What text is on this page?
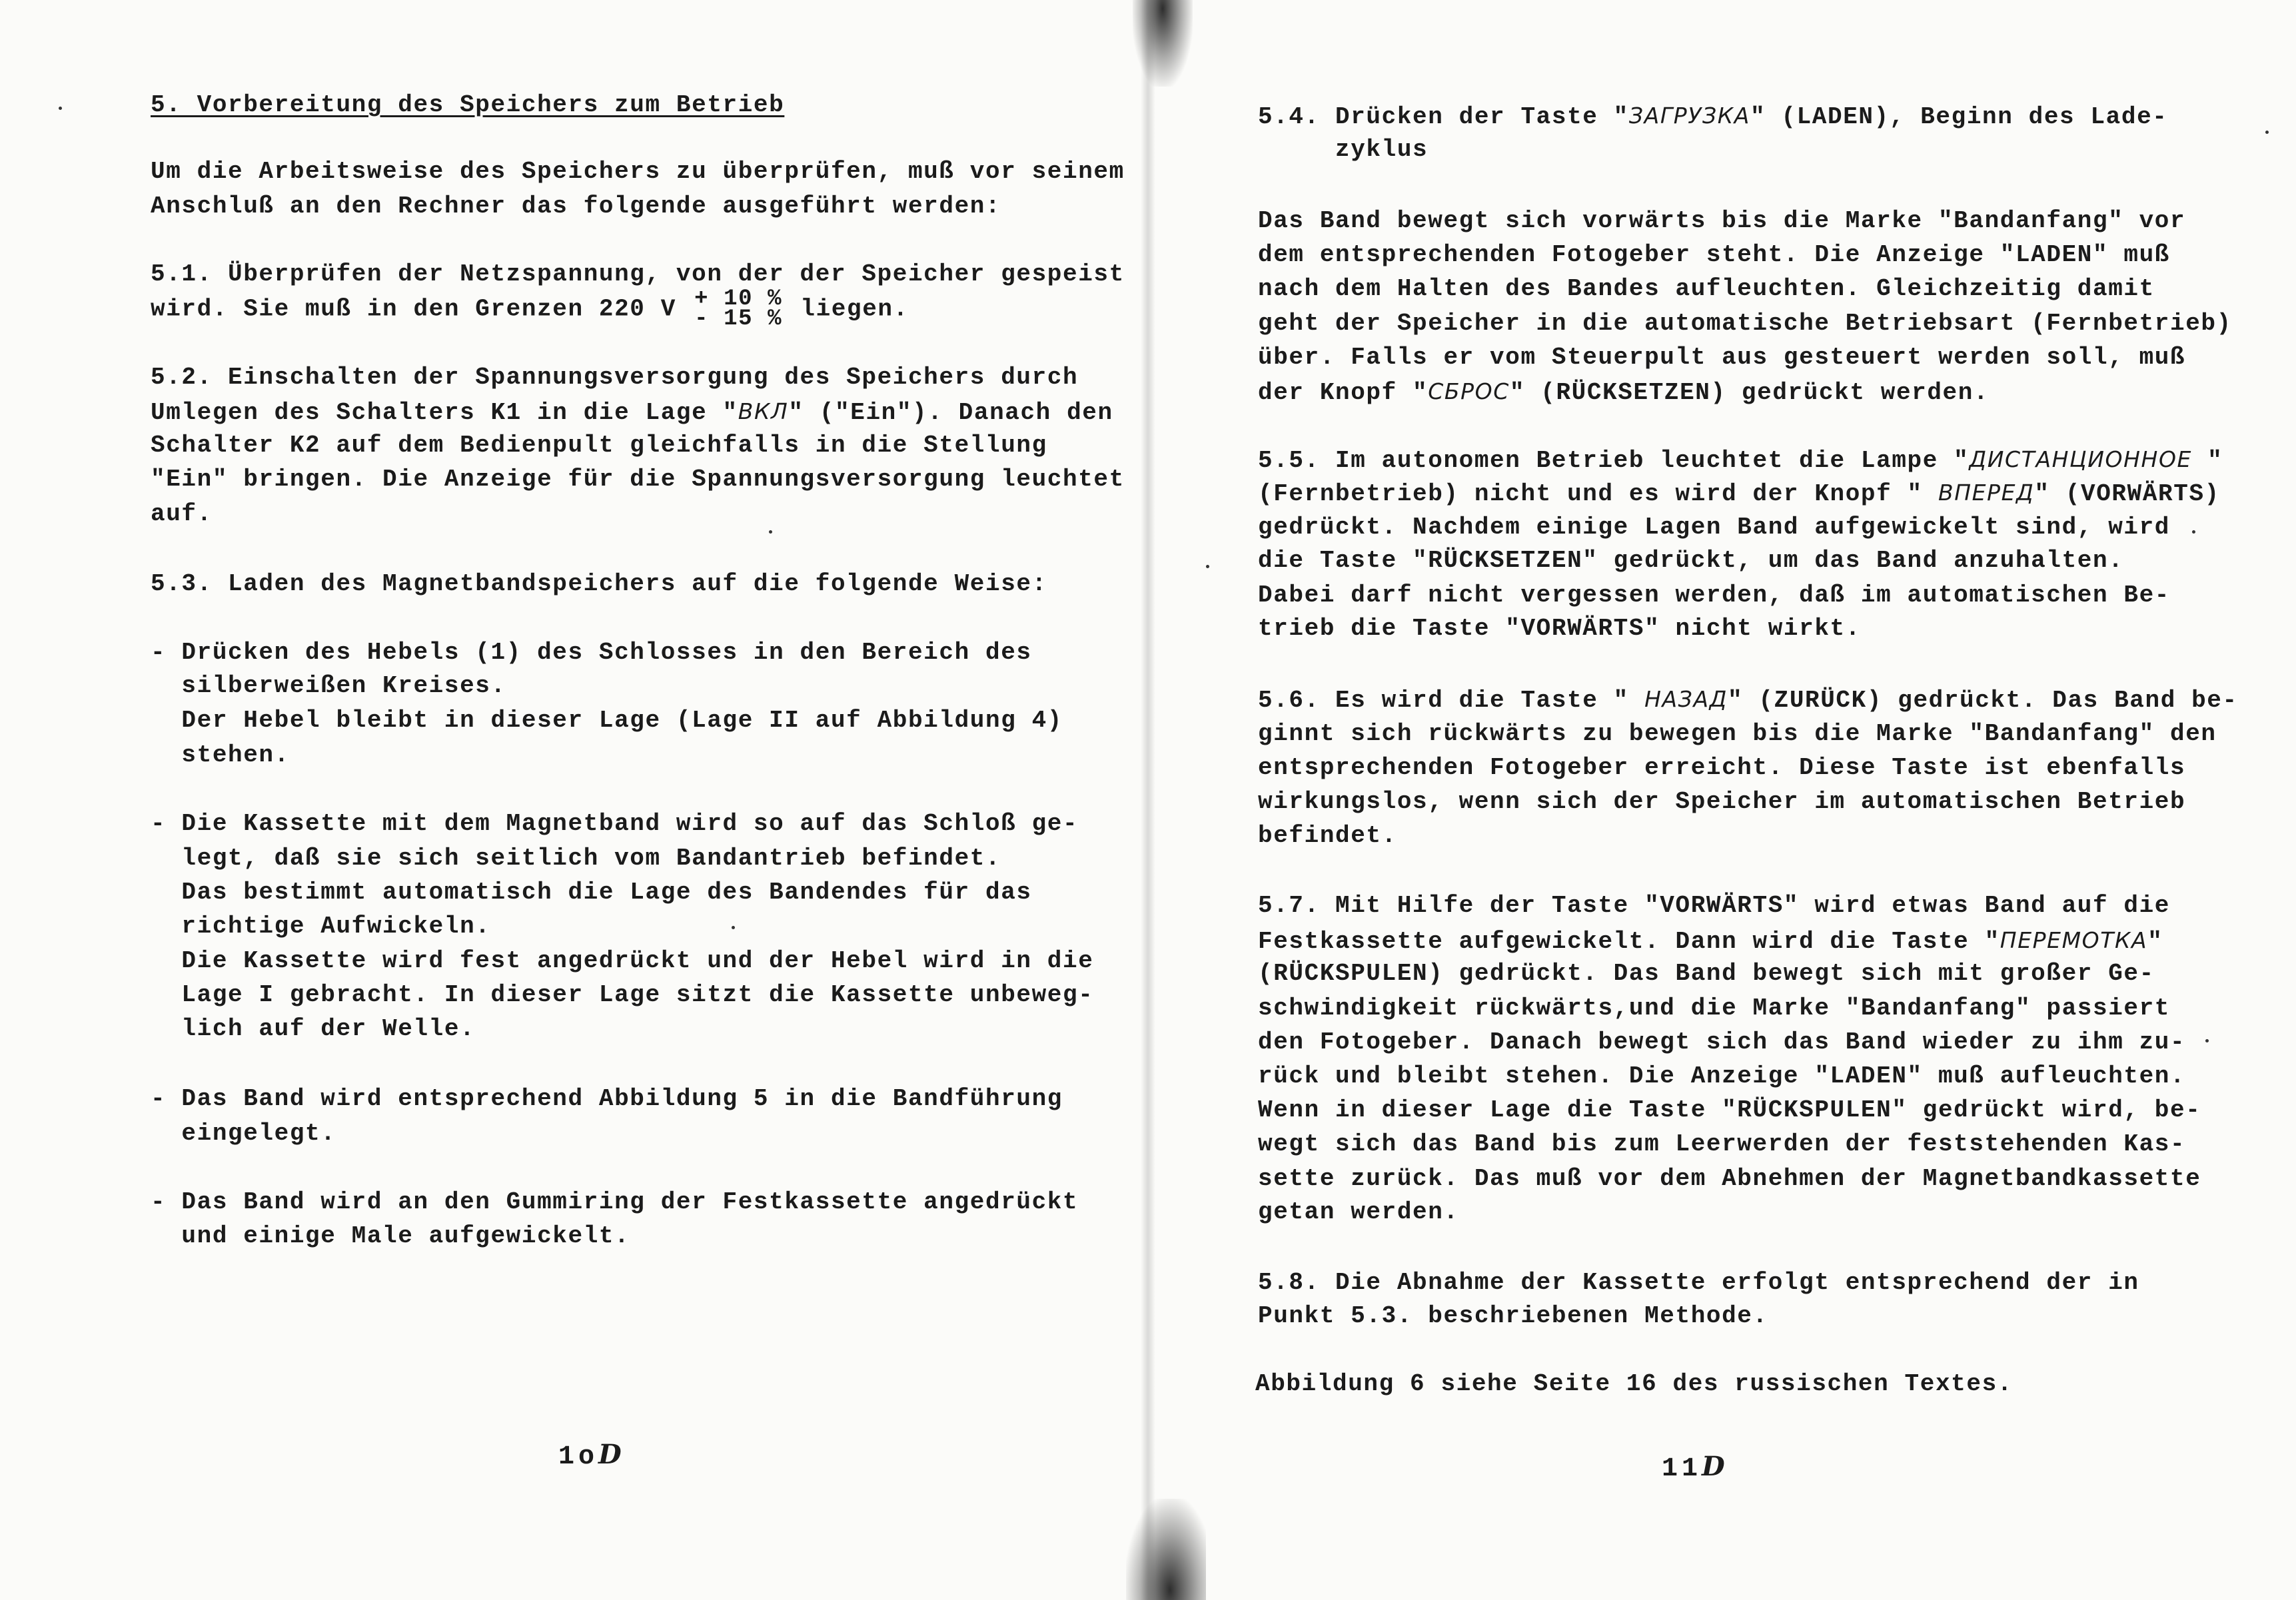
5. Vorbereitung des Speichers zum Betrieb
Um die Arbeitsweise des Speichers zu überprüfen, muß vor seinem
Anschluß an den Rechner das folgende ausgeführt werden:
5.1. Überprüfen der Netzspannung, von der der Speicher gespeist
wird. Sie muß in den Grenzen 220 V + 10 %
- 15 % liegen.
5.2. Einschalten der Spannungsversorgung des Speichers durch
Umlegen des Schalters K1 in die Lage "ВКЛ" ("Ein"). Danach den
Schalter K2 auf dem Bedienpult gleichfalls in die Stellung
"Ein" bringen. Die Anzeige für die Spannungsversorgung leuchtet
auf.
5.3. Laden des Magnetbandspeichers auf die folgende Weise:
- Drücken des Hebels (1) des Schlosses in den Bereich des
silberweißen Kreises.
Der Hebel bleibt in dieser Lage (Lage II auf Abbildung 4)
stehen.
- Die Kassette mit dem Magnetband wird so auf das Schloß ge-
legt, daß sie sich seitlich vom Bandantrieb befindet.
Das bestimmt automatisch die Lage des Bandendes für das
richtige Aufwickeln.
Die Kassette wird fest angedrückt und der Hebel wird in die
Lage I gebracht. In dieser Lage sitzt die Kassette unbeweg-
lich auf der Welle.
- Das Band wird entsprechend Abbildung 5 in die Bandführung
eingelegt.
- Das Band wird an den Gummiring der Festkassette angedrückt
und einige Male aufgewickelt.
1oD
5.4. Drücken der Taste "ЗАГРУЗКА" (LADEN), Beginn des Lade-
zyklus
Das Band bewegt sich vorwärts bis die Marke "Bandanfang" vor
dem entsprechenden Fotogeber steht. Die Anzeige "LADEN" muß
nach dem Halten des Bandes aufleuchten. Gleichzeitig damit
geht der Speicher in die automatische Betriebsart (Fernbetrieb)
über. Falls er vom Steuerpult aus gesteuert werden soll, muß
der Knopf "СБРОС" (RÜCKSETZEN) gedrückt werden.
5.5. Im autonomen Betrieb leuchtet die Lampe "ДИСТАНЦИОННОЕ "
(Fernbetrieb) nicht und es wird der Knopf " ВПЕРЕД" (VORWÄRTS)
gedrückt. Nachdem einige Lagen Band aufgewickelt sind, wird
die Taste "RÜCKSETZEN" gedrückt, um das Band anzuhalten.
Dabei darf nicht vergessen werden, daß im automatischen Be-
trieb die Taste "VORWÄRTS" nicht wirkt.
5.6. Es wird die Taste " НАЗАД" (ZURÜCK) gedrückt. Das Band be-
ginnt sich rückwärts zu bewegen bis die Marke "Bandanfang" den
entsprechenden Fotogeber erreicht. Diese Taste ist ebenfalls
wirkungslos, wenn sich der Speicher im automatischen Betrieb
befindet.
5.7. Mit Hilfe der Taste "VORWÄRTS" wird etwas Band auf die
Festkassette aufgewickelt. Dann wird die Taste "ПЕРЕМОТКА"
(RÜCKSPULEN) gedrückt. Das Band bewegt sich mit großer Ge-
schwindigkeit rückwärts,und die Marke "Bandanfang" passiert
den Fotogeber. Danach bewegt sich das Band wieder zu ihm zu-
rück und bleibt stehen. Die Anzeige "LADEN" muß aufleuchten.
Wenn in dieser Lage die Taste "RÜCKSPULEN" gedrückt wird, be-
wegt sich das Band bis zum Leerwerden der feststehenden Kas-
sette zurück. Das muß vor dem Abnehmen der Magnetbandkassette
getan werden.
5.8. Die Abnahme der Kassette erfolgt entsprechend der in
Punkt 5.3. beschriebenen Methode.
Abbildung 6 siehe Seite 16 des russischen Textes.
11D
